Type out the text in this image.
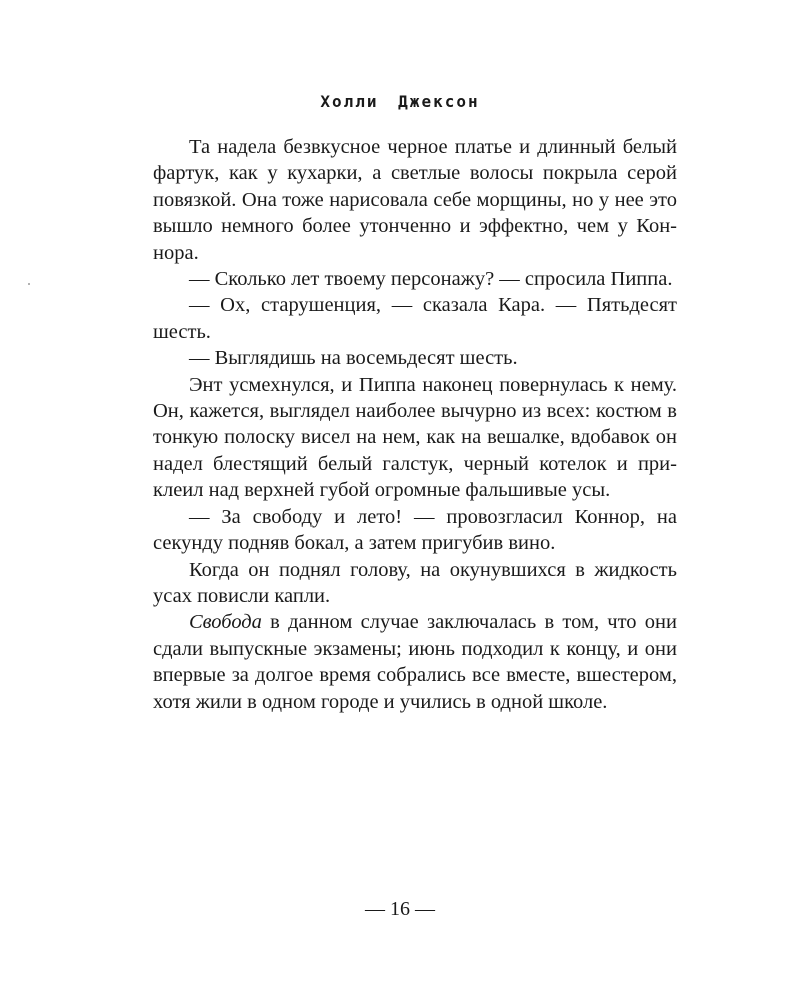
Холли Джексон

Та надела безвкусное черное платье и длинный белый фартук, как у кухарки, а светлые волосы покрыла серой повязкой. Она тоже нарисовала себе морщины, но у нее это вышло немного более утонченно и эффектно, чем у Коннора.

— Сколько лет твоему персонажу? — спросила Пиппа.

— Ох, старушенция, — сказала Кара. — Пятьдесят шесть.

— Выглядишь на восемьдесят шесть.

Энт усмехнулся, и Пиппа наконец повернулась к нему. Он, кажется, выглядел наиболее вычурно из всех: костюм в тонкую полоску висел на нем, как на вешалке, вдобавок он надел блестящий белый галстук, черный котелок и приклеил над верхней губой огромные фальшивые усы.

— За свободу и лето! — провозгласил Коннор, на секунду подняв бокал, а затем пригубив вино.

Когда он поднял голову, на окунувшихся в жидкость усах повисли капли.

Свобода в данном случае заключалась в том, что они сдали выпускные экзамены; июнь подходил к концу, и они впервые за долгое время собрались все вместе, вшестером, хотя жили в одном городе и учились в одной школе.

— 16 —
